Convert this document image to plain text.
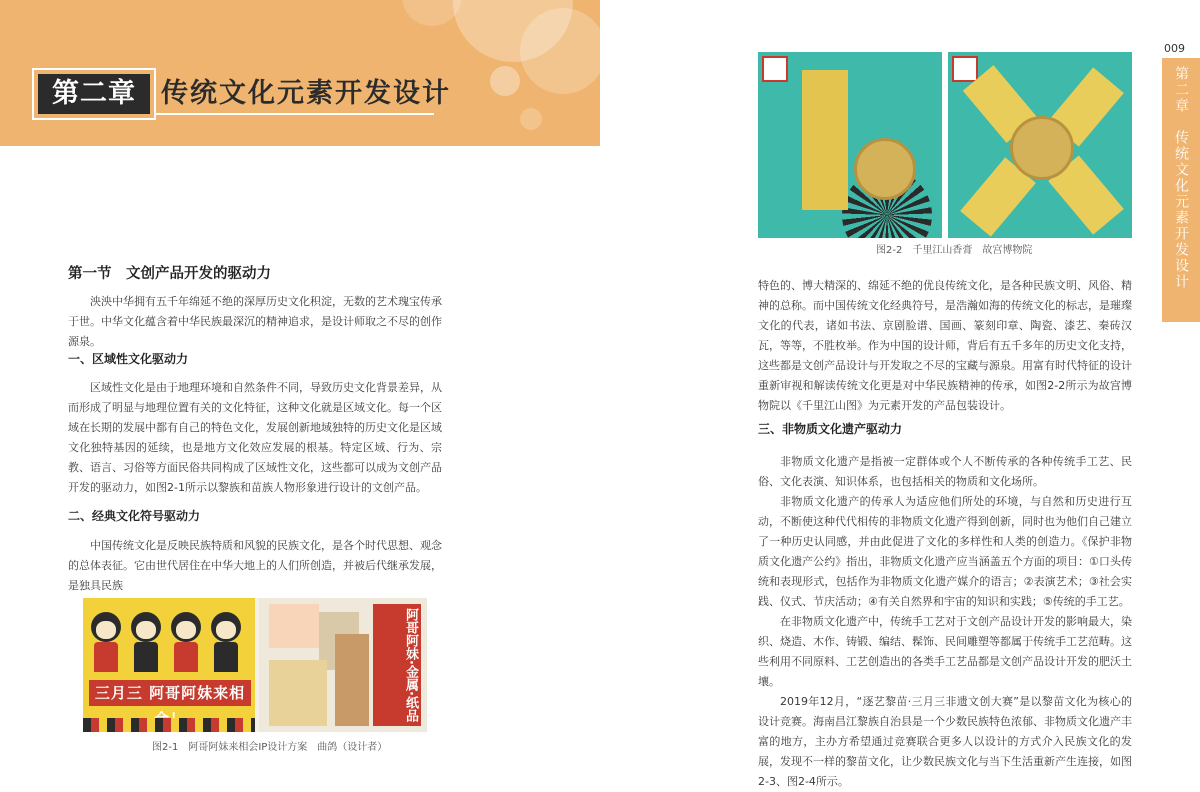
第二章 传统文化元素开发设计
第一节　文创产品开发的驱动力

泱泱中华拥有五千年绵延不绝的深厚历史文化积淀，无数的艺术瑰宝传承于世。中华文化蕴含着中华民族最深沉的精神追求，是设计师取之不尽的创作源泉。

一、区域性文化驱动力

区域性文化是由于地理环境和自然条件不同，导致历史文化背景差异，从而形成了明显与地理位置有关的文化特征，这种文化就是区域文化。每一个区域在长期的发展中都有自己的特色文化，发展创新地域独特的历史文化是区域文化独特基因的延续，也是地方文化效应发展的根基。特定区域、行为、宗教、语言、习俗等方面民俗共同构成了区域性文化，这些都可以成为文创产品开发的驱动力，如图2-1所示以黎族和苗族人物形象进行设计的文创产品。

二、经典文化符号驱动力

中国传统文化是反映民族特质和风貌的民族文化，是各个时代思想、观念的总体表征。它由世代居住在中华大地上的人们所创造，并被后代继承发展，是独具民族

三月三 阿哥阿妹来相	阿哥阿妹·金属·纸品
图2-1　阿哥阿妹来相会IP设计方案　曲鸽（设计者）
图2-2　千里江山香膏　故宫博物院

特色的、博大精深的、绵延不绝的优良传统文化，是各种民族文明、风俗、精神的总称。而中国传统文化经典符号，是浩瀚如海的传统文化的标志，是璀璨文化的代表，诸如书法、京剧脸谱、国画、篆刻印章、陶瓷、漆艺、秦砖汉瓦，等等，不胜枚举。作为中国的设计师，背后有五千多年的历史文化支持，这些都是文创产品设计与开发取之不尽的宝藏与源泉。用富有时代特征的设计重新审视和解读传统文化更是对中华民族精神的传承，如图2-2所示为故宫博物院以《千里江山图》为元素开发的产品包装设计。

三、非物质文化遗产驱动力

非物质文化遗产是指被一定群体或个人不断传承的各种传统手工艺、民俗、文化表演、知识体系，也包括相关的物质和文化场所。

非物质文化遗产的传承人为适应他们所处的环境，与自然和历史进行互动，不断使这种代代相传的非物质文化遗产得到创新，同时也为他们自己建立了一种历史认同感，并由此促进了文化的多样性和人类的创造力。《保护非物质文化遗产公约》指出，非物质文化遗产应当涵盖五个方面的项目：①口头传统和表现形式，包括作为非物质文化遗产媒介的语言；②表演艺术；③社会实践、仪式、节庆活动；④有关自然界和宇宙的知识和实践；⑤传统的手工艺。

在非物质文化遗产中，传统手工艺对于文创产品设计开发的影响最大，染织、烧造、木作、铸锻、编结、髹饰、民间雕塑等都属于传统手工艺范畴。这些利用不同原料、工艺创造出的各类手工艺品都是文创产品设计开发的肥沃土壤。

2019年12月，“逐艺黎苗·三月三非遗文创大赛”是以黎苗文化为核心的设计竞赛。海南昌江黎族自治县是一个少数民族特色浓郁、非物质文化遗产丰富的地方，主办方希望通过竞赛联合更多人以设计的方式介入民族文化的发展，发现不一样的黎苗文化，让少数民族文化与当下生活重新产生连接，如图2-3、图2-4所示。

009
第二章　传统文化元素开发设计
